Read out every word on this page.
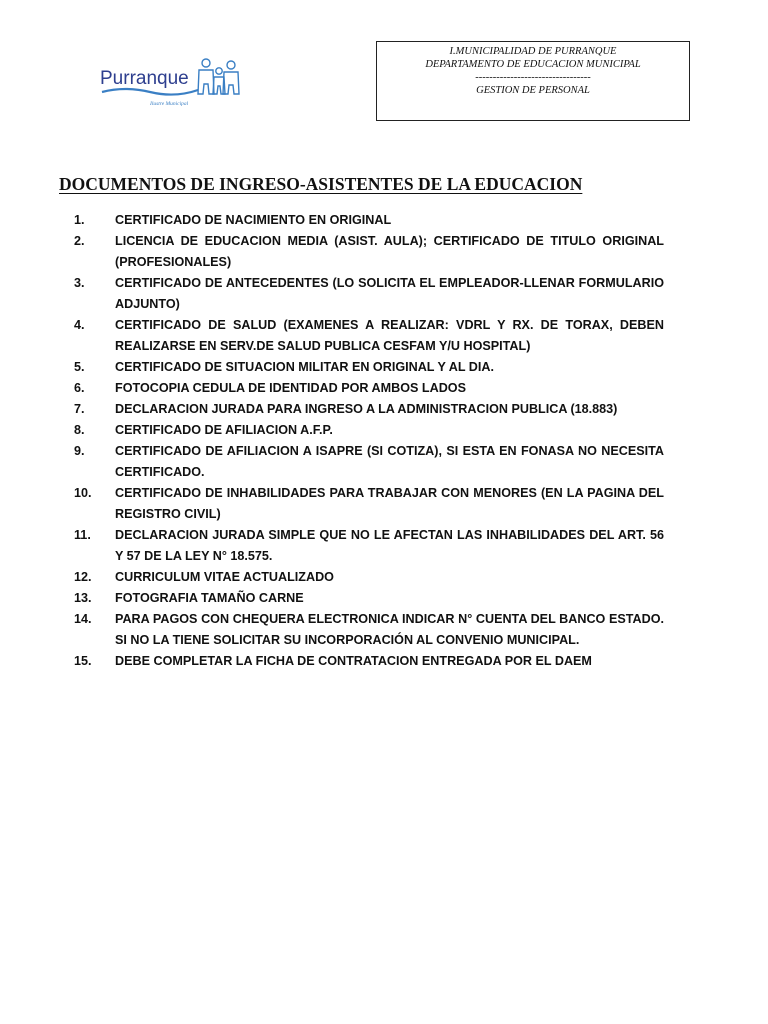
Purranque
Ilustre Municipal
I.MUNICIPALIDAD DE PURRANQUE
DEPARTAMENTO DE EDUCACION MUNICIPAL
---------------------------------
GESTION DE PERSONAL
DOCUMENTOS DE INGRESO-ASISTENTES DE LA EDUCACION
1. CERTIFICADO DE NACIMIENTO EN ORIGINAL
2. LICENCIA DE EDUCACION MEDIA (ASIST. AULA); CERTIFICADO DE TITULO ORIGINAL (PROFESIONALES)
3. CERTIFICADO DE ANTECEDENTES (LO SOLICITA EL EMPLEADOR-LLENAR FORMULARIO ADJUNTO)
4. CERTIFICADO DE SALUD (EXAMENES A REALIZAR: VDRL Y RX. DE TORAX, DEBEN REALIZARSE EN SERV.DE SALUD PUBLICA CESFAM Y/U HOSPITAL)
5. CERTIFICADO DE SITUACION MILITAR EN ORIGINAL Y AL DIA.
6. FOTOCOPIA CEDULA DE IDENTIDAD POR AMBOS LADOS
7. DECLARACION JURADA PARA INGRESO A LA ADMINISTRACION PUBLICA (18.883)
8. CERTIFICADO DE AFILIACION A.F.P.
9. CERTIFICADO DE AFILIACION A ISAPRE (SI COTIZA), SI ESTA EN FONASA NO NECESITA CERTIFICADO.
10. CERTIFICADO DE INHABILIDADES PARA TRABAJAR CON MENORES (EN LA PAGINA DEL REGISTRO CIVIL)
11. DECLARACION JURADA SIMPLE QUE NO LE AFECTAN LAS INHABILIDADES DEL ART. 56 Y 57 DE LA LEY N° 18.575.
12. CURRICULUM VITAE ACTUALIZADO
13. FOTOGRAFIA TAMAÑO CARNE
14. PARA PAGOS CON CHEQUERA ELECTRONICA INDICAR N° CUENTA DEL BANCO ESTADO. SI NO LA TIENE SOLICITAR SU INCORPORACIÓN AL CONVENIO MUNICIPAL.
15. DEBE COMPLETAR LA FICHA DE CONTRATACION ENTREGADA POR EL DAEM
